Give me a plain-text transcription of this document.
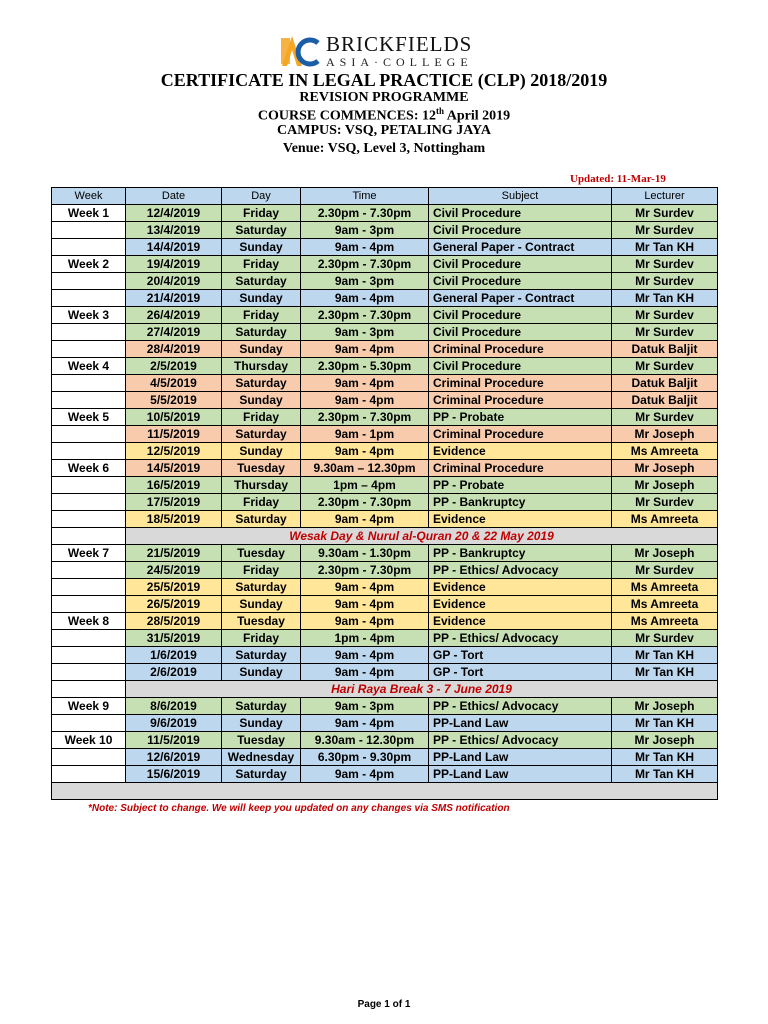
BRICKFIELDS
ASIA·COLLEGE
CERTIFICATE IN LEGAL PRACTICE (CLP) 2018/2019
REVISION PROGRAMME
COURSE COMMENCES: 12th April 2019
CAMPUS: VSQ, PETALING JAYA
Venue: VSQ, Level 3, Nottingham
Updated: 11-Mar-19
Week	Date	Day	Time	Subject	Lecturer
Week 1	12/4/2019	Friday	2.30pm - 7.30pm	Civil Procedure	Mr Surdev
	13/4/2019	Saturday	9am - 3pm	Civil Procedure	Mr Surdev
	14/4/2019	Sunday	9am - 4pm	General Paper - Contract	Mr Tan KH
Week 2	19/4/2019	Friday	2.30pm - 7.30pm	Civil Procedure	Mr Surdev
	20/4/2019	Saturday	9am - 3pm	Civil Procedure	Mr Surdev
	21/4/2019	Sunday	9am - 4pm	General Paper - Contract	Mr Tan KH
Week 3	26/4/2019	Friday	2.30pm - 7.30pm	Civil Procedure	Mr Surdev
	27/4/2019	Saturday	9am - 3pm	Civil Procedure	Mr Surdev
	28/4/2019	Sunday	9am - 4pm	Criminal Procedure	Datuk Baljit
Week 4	2/5/2019	Thursday	2.30pm - 5.30pm	Civil Procedure	Mr Surdev
	4/5/2019	Saturday	9am - 4pm	Criminal Procedure	Datuk Baljit
	5/5/2019	Sunday	9am - 4pm	Criminal Procedure	Datuk Baljit
Week 5	10/5/2019	Friday	2.30pm - 7.30pm	PP - Probate	Mr Surdev
	11/5/2019	Saturday	9am - 1pm	Criminal Procedure	Mr Joseph
	12/5/2019	Sunday	9am - 4pm	Evidence	Ms Amreeta
Week 6	14/5/2019	Tuesday	9.30am – 12.30pm	Criminal Procedure	Mr Joseph
	16/5/2019	Thursday	1pm – 4pm	PP - Probate	Mr Joseph
	17/5/2019	Friday	2.30pm - 7.30pm	PP - Bankruptcy	Mr Surdev
	18/5/2019	Saturday	9am - 4pm	Evidence	Ms Amreeta
	Wesak Day & Nurul al-Quran 20 & 22 May 2019				
Week 7	21/5/2019	Tuesday	9.30am - 1.30pm	PP - Bankruptcy	Mr Joseph
	24/5/2019	Friday	2.30pm - 7.30pm	PP - Ethics/ Advocacy	Mr Surdev
	25/5/2019	Saturday	9am - 4pm	Evidence	Ms Amreeta
	26/5/2019	Sunday	9am - 4pm	Evidence	Ms Amreeta
Week 8	28/5/2019	Tuesday	9am - 4pm	Evidence	Ms Amreeta
	31/5/2019	Friday	1pm - 4pm	PP - Ethics/ Advocacy	Mr Surdev
	1/6/2019	Saturday	9am - 4pm	GP - Tort	Mr Tan KH
	2/6/2019	Sunday	9am - 4pm	GP - Tort	Mr Tan KH
	Hari Raya Break 3 - 7 June 2019				
Week 9	8/6/2019	Saturday	9am - 3pm	PP - Ethics/ Advocacy	Mr Joseph
	9/6/2019	Sunday	9am - 4pm	PP-Land Law	Mr Tan KH
Week 10	11/5/2019	Tuesday	9.30am - 12.30pm	PP - Ethics/ Advocacy	Mr Joseph
	12/6/2019	Wednesday	6.30pm - 9.30pm	PP-Land Law	Mr Tan KH
	15/6/2019	Saturday	9am - 4pm	PP-Land Law	Mr Tan KH

*Note: Subject to change. We will keep you updated on any changes via SMS notification
Page 1 of 1
